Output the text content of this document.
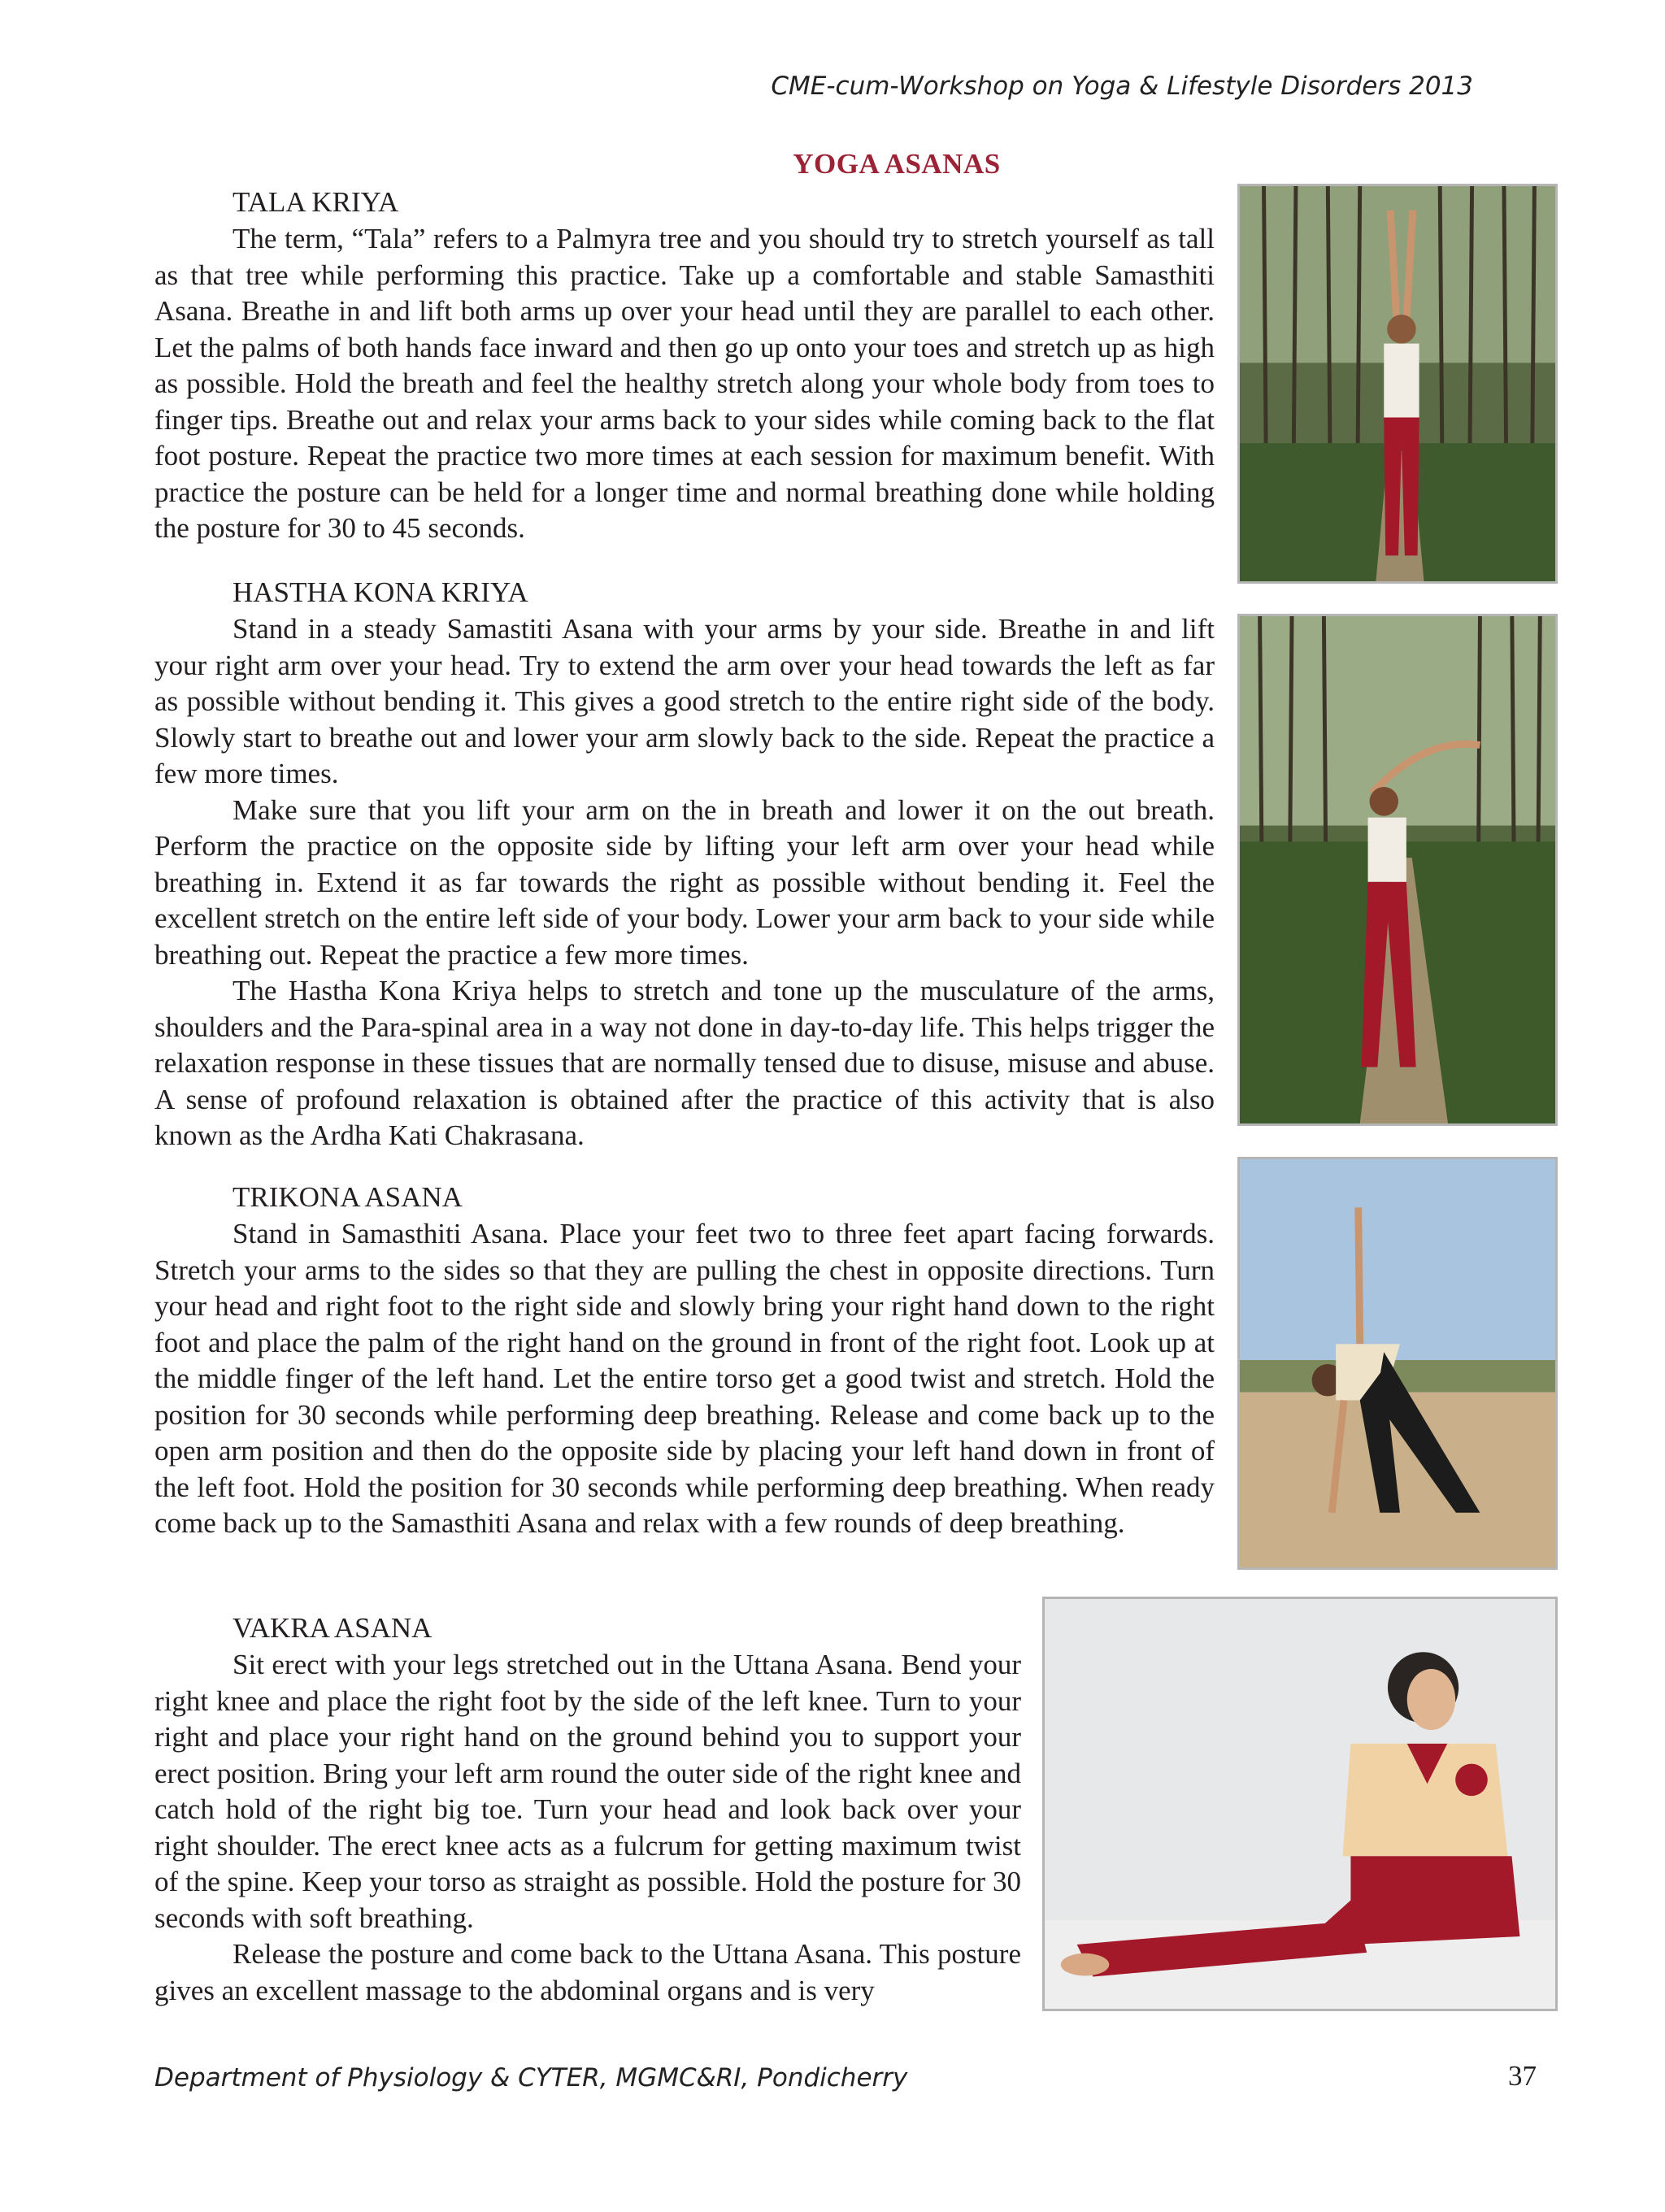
CME-cum-Workshop on Yoga & Lifestyle Disorders 2013
YOGA ASANAS
TALA KRIYA

The term, “Tala” refers to a Palmyra tree and you should try to stretch yourself as tall as that tree while performing this practice. Take up a comfortable and stable Samasthiti Asana. Breathe in and lift both arms up over your head until they are parallel to each other. Let the palms of both hands face inward and then go up onto your toes and stretch up as high as possible. Hold the breath and feel the healthy stretch along your whole body from toes to finger tips. Breathe out and relax your arms back to your sides while coming back to the flat foot posture. Repeat the practice two more times at each session for maximum benefit. With practice the posture can be held for a longer time and normal breathing done while holding the posture for 30 to 45 seconds.

HASTHA KONA KRIYA

Stand in a steady Samastiti Asana with your arms by your side. Breathe in and lift your right arm over your head. Try to extend the arm over your head towards the left as far as possible without bending it. This gives a good stretch to the entire right side of the body. Slowly start to breathe out and lower your arm slowly back to the side. Repeat the practice a few more times.

Make sure that you lift your arm on the in breath and lower it on the out breath. Perform the practice on the opposite side by lifting your left arm over your head while breathing in. Extend it as far towards the right as possible without bending it. Feel the excellent stretch on the entire left side of your body. Lower your arm back to your side while breathing out. Repeat the practice a few more times.

The Hastha Kona Kriya helps to stretch and tone up the musculature of the arms, shoulders and the Para-spinal area in a way not done in day-to-day life. This helps trigger the relaxation response in these tissues that are normally tensed due to disuse, misuse and abuse. A sense of profound relaxation is obtained after the practice of this activity that is also known as the Ardha Kati Chakrasana.

TRIKONA ASANA

Stand in Samasthiti Asana. Place your feet two to three feet apart facing forwards. Stretch your arms to the sides so that they are pulling the chest in opposite directions. Turn your head and right foot to the right side and slowly bring your right hand down to the right foot and place the palm of the right hand on the ground in front of the right foot. Look up at the middle finger of the left hand. Let the entire torso get a good twist and stretch. Hold the position for 30 seconds while performing deep breathing. Release and come back up to the open arm position and then do the opposite side by placing your left hand down in front of the left foot. Hold the position for 30 seconds while performing deep breathing. When ready come back up to the Samasthiti Asana and relax with a few rounds of deep breathing.

VAKRA ASANA

Sit erect with your legs stretched out in the Uttana Asana. Bend your right knee and place the right foot by the side of the left knee. Turn to your right and place your right hand on the ground behind you to support your erect position. Bring your left arm round the outer side of the right knee and catch hold of the right big toe. Turn your head and look back over your right shoulder. The erect knee acts as a fulcrum for getting maximum twist of the spine. Keep your torso as straight as possible. Hold the posture for 30 seconds with soft breathing.

Release the posture and come back to the Uttana Asana. This posture gives an excellent massage to the abdominal organs and is very

Department of Physiology & CYTER, MGMC&RI, Pondicherry	37
